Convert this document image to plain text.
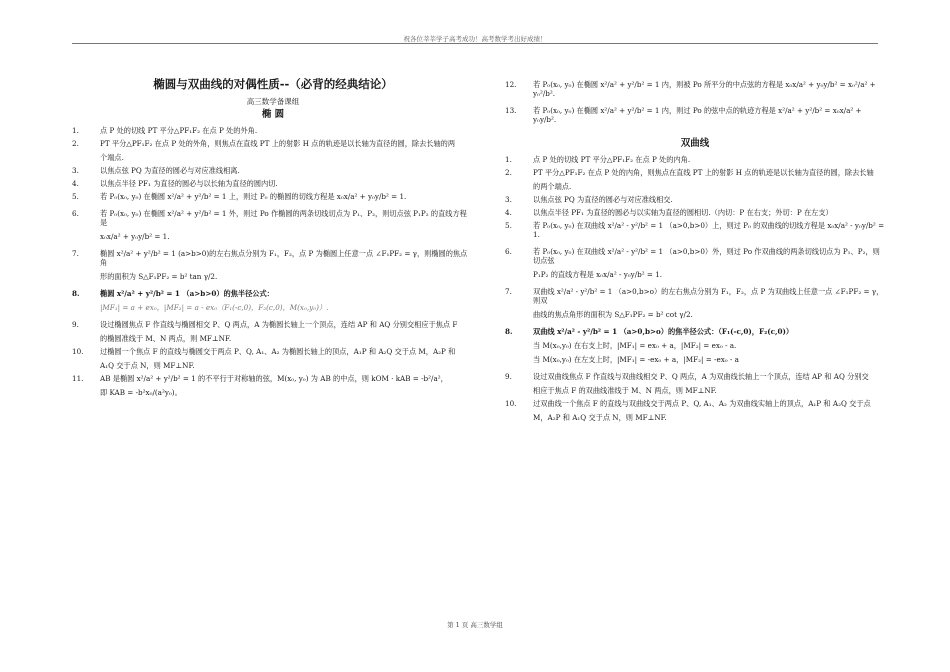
祝各位莘莘学子高考成功！高考数学考出好成绩！
椭圆与双曲线的对偶性质--（必背的经典结论）
高三数学备课组
椭 圆
1.	点 P 处的切线 PT 平分△PF₁F₂ 在点 P 处的外角.
2.	PT 平分△PF₁F₂ 在点 P 处的外角，则焦点在直线 PT 上的射影 H 点的轨迹是以长轴为直径的圆，除去长轴的两
个端点.
3.	以焦点弦 PQ 为直径的圆必与对应准线相离.
4.	以焦点半径 PF₁ 为直径的圆必与以长轴为直径的圆内切.
5.	若 P₀(x₀, y₀) 在椭圆 x²/a² + y²/b² = 1 上，则过 P₀ 的椭圆的切线方程是 x₀x/a² + y₀y/b² = 1.
6.	若 P₀(x₀, y₀) 在椭圆 x²/a² + y²/b² = 1 外，则过 Po 作椭圆的两条切线切点为 P₁、P₂，则切点弦 P₁P₂ 的直线方程是
x₀x/a² + y₀y/b² = 1.
7.	椭圆 x²/a² + y²/b² = 1 (a>b>0)的左右焦点分别为 F₁，F₂，点 P 为椭圆上任意一点 ∠F₁PF₂ = γ，则椭圆的焦点角
形的面积为 S△F₁PF₂ = b² tan γ/2.
8.	椭圆 x²/a² + y²/b² = 1 （a>b>0）的焦半径公式：
|MF₁| = a + ex₀，|MF₂| = a - ex₀（F₁(-c,0)，F₂(c,0)，M(x₀,y₀)）.
9.	设过椭圆焦点 F 作直线与椭圆相交 P、Q 两点，A 为椭圆长轴上一个顶点，连结 AP 和 AQ 分别交相应于焦点 F
的椭圆准线于 M、N 两点，则 MF⊥NF.
10.	过椭圆一个焦点 F 的直线与椭圆交于两点 P、Q, A₁、A₂ 为椭圆长轴上的顶点，A₁P 和 A₂Q 交于点 M，A₂P 和
A₁Q 交于点 N，则 MF⊥NF.
11.	AB 是椭圆 x²/a² + y²/b² = 1 的不平行于对称轴的弦，M(x₀, y₀) 为 AB 的中点，则 kOM · kAB = -b²/a²，
即 KAB = -b²x₀/(a²y₀)。
12.	若 P₀(x₀, y₀) 在椭圆 x²/a² + y²/b² = 1 内，则被 Po 所平分的中点弦的方程是 x₀x/a² + y₀y/b² = x₀²/a² + y₀²/b².
13.	若 P₀(x₀, y₀) 在椭圆 x²/a² + y²/b² = 1 内，则过 Po 的弦中点的轨迹方程是 x²/a² + y²/b² = x₀x/a² + y₀y/b².
双曲线
1.	点 P 处的切线 PT 平分△PF₁F₂ 在点 P 处的内角.
2.	PT 平分△PF₁F₂ 在点 P 处的内角，则焦点在直线 PT 上的射影 H 点的轨迹是以长轴为直径的圆，除去长轴
的两个端点.
3.	以焦点弦 PQ 为直径的圆必与对应准线相交.
4.	以焦点半径 PF₁ 为直径的圆必与以实轴为直径的圆相切.（内切：P 在右支；外切：P 在左支）
5.	若 P₀(x₀, y₀) 在双曲线 x²/a² - y²/b² = 1 （a>0,b>0）上，则过 P₀ 的双曲线的切线方程是 x₀x/a² - y₀y/b² = 1.
6.	若 P₀(x₀, y₀) 在双曲线 x²/a² - y²/b² = 1 （a>0,b>0）外，则过 Po 作双曲线的两条切线切点为 P₁、P₂，则切点弦
P₁P₂ 的直线方程是 x₀x/a² - y₀y/b² = 1.
7.	双曲线 x²/a² - y²/b² = 1 （a>0,b>o）的左右焦点分别为 F₁，F₂，点 P 为双曲线上任意一点 ∠F₁PF₂ = γ，则双
曲线的焦点角形的面积为 S△F₁PF₂ = b² cot γ/2.
8.	双曲线 x²/a² - y²/b² = 1 （a>0,b>o）的焦半径公式：（F₁(-c,0)，F₂(c,0)）
当 M(x₀,y₀) 在右支上时，|MF₁| = ex₀ + a，|MF₂| = ex₀ - a.
当 M(x₀,y₀) 在左支上时，|MF₁| = -ex₀ + a，|MF₂| = -ex₀ - a
9.	设过双曲线焦点 F 作直线与双曲线相交 P、Q 两点，A 为双曲线长轴上一个顶点，连结 AP 和 AQ 分别交
相应于焦点 F 的双曲线准线于 M、N 两点，则 MF⊥NF.
10.	过双曲线一个焦点 F 的直线与双曲线交于两点 P、Q, A₁、A₂ 为双曲线实轴上的顶点，A₁P 和 A₂Q 交于点
M，A₂P 和 A₁Q 交于点 N，则 MF⊥NF.
第 1 页 高三数学组
